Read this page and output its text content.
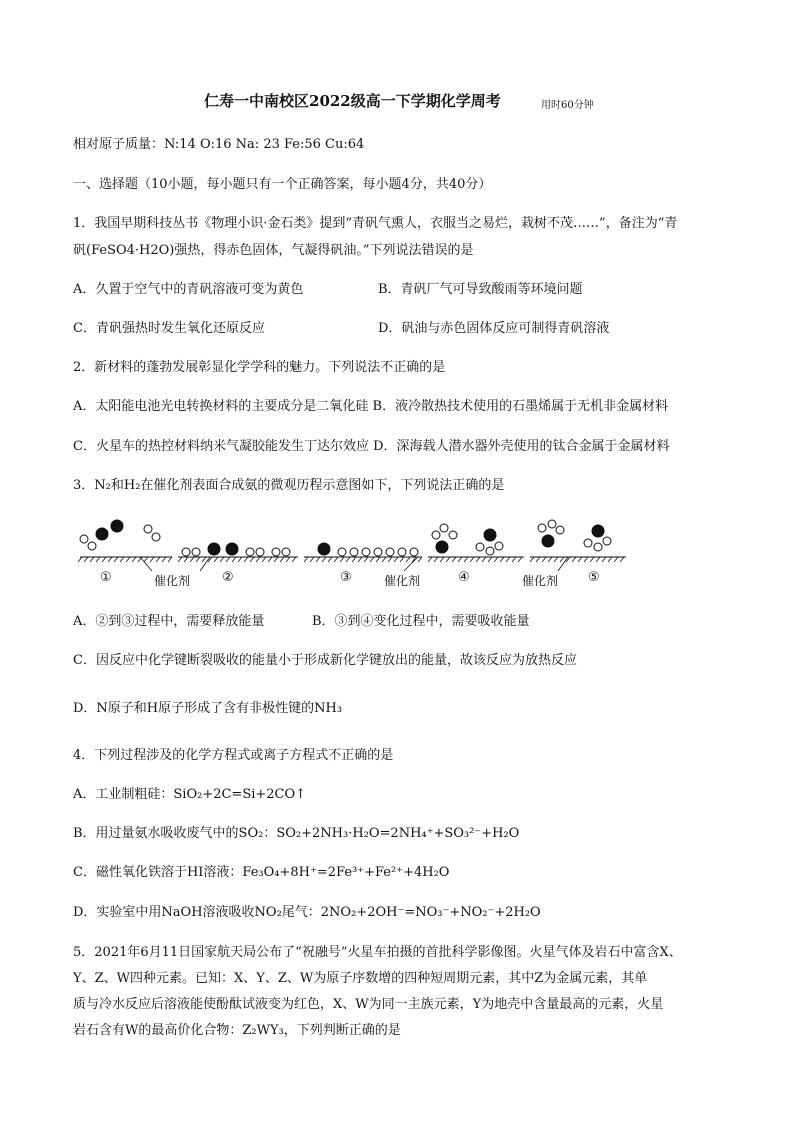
仁寿一中南校区2022级高一下学期化学周考	用时60分钟
相对原子质量：N:14 O:16 Na: 23 Fe:56 Cu:64
一、选择题（10小题，每小题只有一个正确答案，每小题4分，共40分）
1．我国早期科技丛书《物理小识·金石类》提到“青矾气熏人，衣服当之易烂，栽树不茂……”，备注为“青
矾(FeSO4·H2O)强热，得赤色固体，气凝得矾油。”下列说法错误的是
A．久置于空气中的青矾溶液可变为黄色	B．青矾厂气可导致酸雨等环境问题
C．青矾强热时发生氧化还原反应	D．矾油与赤色固体反应可制得青矾溶液
2．新材料的蓬勃发展彰显化学学科的魅力。下列说法不正确的是
A．太阳能电池光电转换材料的主要成分是二氧化硅 B．液冷散热技术使用的石墨烯属于无机非金属材料
C．火星车的热控材料纳米气凝胶能发生丁达尔效应 D．深海载人潜水器外壳使用的钛合金属于金属材料
3．N₂和H₂在催化剂表面合成氨的微观历程示意图如下，下列说法正确的是
①	催化剂 ②	③	催化剂	④	催化剂 ⑤
A．②到③过程中，需要释放能量	B．③到④变化过程中，需要吸收能量
C．因反应中化学键断裂吸收的能量小于形成新化学键放出的能量，故该反应为放热反应
D．N原子和H原子形成了含有非极性键的NH₃
4．下列过程涉及的化学方程式或离子方程式不正确的是
A．工业制粗硅：SiO₂+2C=Si+2CO↑
B．用过量氨水吸收废气中的SO₂：SO₂+2NH₃·H₂O=2NH₄⁺+SO₃²⁻+H₂O
C．磁性氧化铁溶于HI溶液：Fe₃O₄+8H⁺=2Fe³⁺+Fe²⁺+4H₂O
D．实验室中用NaOH溶液吸收NO₂尾气：2NO₂+2OH⁻=NO₃⁻+NO₂⁻+2H₂O
5．2021年6月11日国家航天局公布了“祝融号”火星车拍摄的首批科学影像图。火星气体及岩石中富含X、
Y、Z、W四种元素。已知：X、Y、Z、W为原子序数增的四种短周期元素，其中Z为金属元素，其单
质与冷水反应后溶液能使酚酞试液变为红色，X、W为同一主族元素，Y为地壳中含量最高的元素，火星
岩石含有W的最高价化合物：Z₂WY₃，下列判断正确的是
